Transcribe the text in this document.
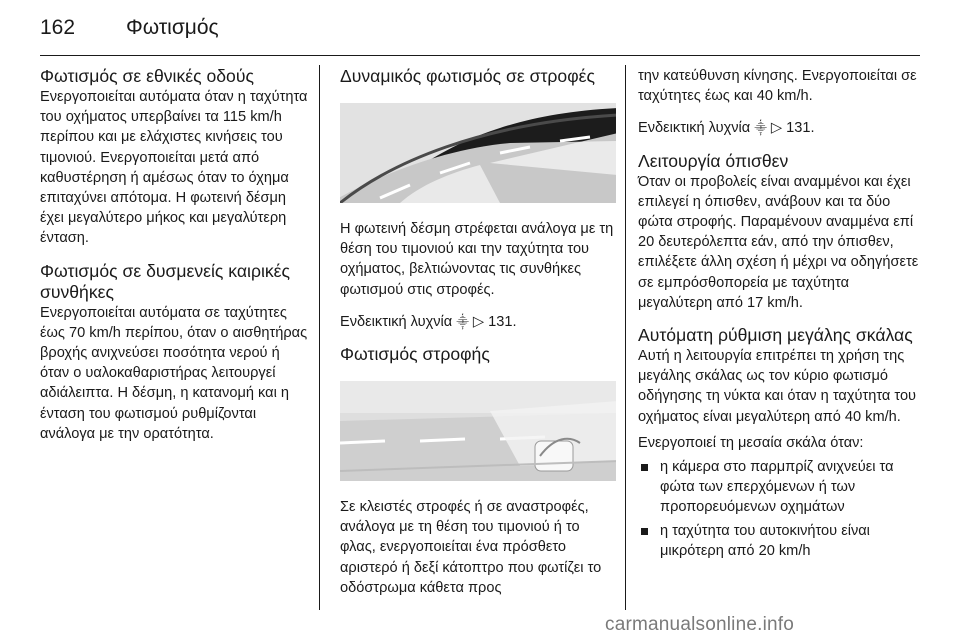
162 Φωτισμός
Φωτισμός σε εθνικές οδούς

Ενεργοποιείται αυτόματα όταν η ταχύτητα του οχήματος υπερβαίνει τα 115 km/h περίπου και με ελάχιστες κινήσεις του τιμονιού. Ενεργοποιείται μετά από καθυστέρηση ή αμέσως όταν το όχημα επιταχύνει απότομα. Η φωτεινή δέσμη έχει μεγαλύτερο μήκος και μεγαλύτερη ένταση.

Φωτισμός σε δυσμενείς καιρικές συνθήκες

Ενεργοποιείται αυτόματα σε ταχύτητες έως 70 km/h περίπου, όταν ο αισθητήρας βροχής ανιχνεύσει ποσότητα νερού ή όταν ο υαλοκαθαριστήρας λειτουργεί αδιάλειπτα. Η δέσμη, η κατανομή και η ένταση του φωτισμού ρυθμίζονται ανάλογα με την ορατότητα.

Δυναμικός φωτισμός σε στροφές

Η φωτεινή δέσμη στρέφεται ανάλογα με τη θέση του τιμονιού και την ταχύτητα του οχήματος, βελτιώνοντας τις συνθήκες φωτισμού στις στροφές.

Ενδεικτική λυχνία ⸎ ▷ 131.

Φωτισμός στροφής

Σε κλειστές στροφές ή σε αναστροφές, ανάλογα με τη θέση του τιμονιού ή το φλας, ενεργοποιείται ένα πρόσθετο αριστερό ή δεξί κάτοπτρο που φωτίζει το οδόστρωμα κάθετα προς

την κατεύθυνση κίνησης. Ενεργοποιείται σε ταχύτητες έως και 40 km/h.

Ενδεικτική λυχνία ⸎ ▷ 131.

Λειτουργία όπισθεν

Όταν οι προβολείς είναι αναμμένοι και έχει επιλεγεί η όπισθεν, ανάβουν και τα δύο φώτα στροφής. Παραμένουν αναμμένα επί 20 δευτερόλεπτα εάν, από την όπισθεν, επιλέξετε άλλη σχέση ή μέχρι να οδηγήσετε σε εμπρόσθοπορεία με ταχύτητα μεγαλύτερη από 17 km/h.

Αυτόματη ρύθμιση μεγάλης σκάλας

Αυτή η λειτουργία επιτρέπει τη χρήση της μεγάλης σκάλας ως τον κύριο φωτισμό οδήγησης τη νύκτα και όταν η ταχύτητα του οχήματος είναι μεγαλύτερη από 40 km/h.

Ενεργοποιεί τη μεσαία σκάλα όταν:

η κάμερα στο παρμπρίζ ανιχνεύει τα φώτα των επερχόμενων ή των προπορευόμενων οχημάτων
η ταχύτητα του αυτοκινήτου είναι μικρότερη από 20 km/h
carmanualsonline.info
